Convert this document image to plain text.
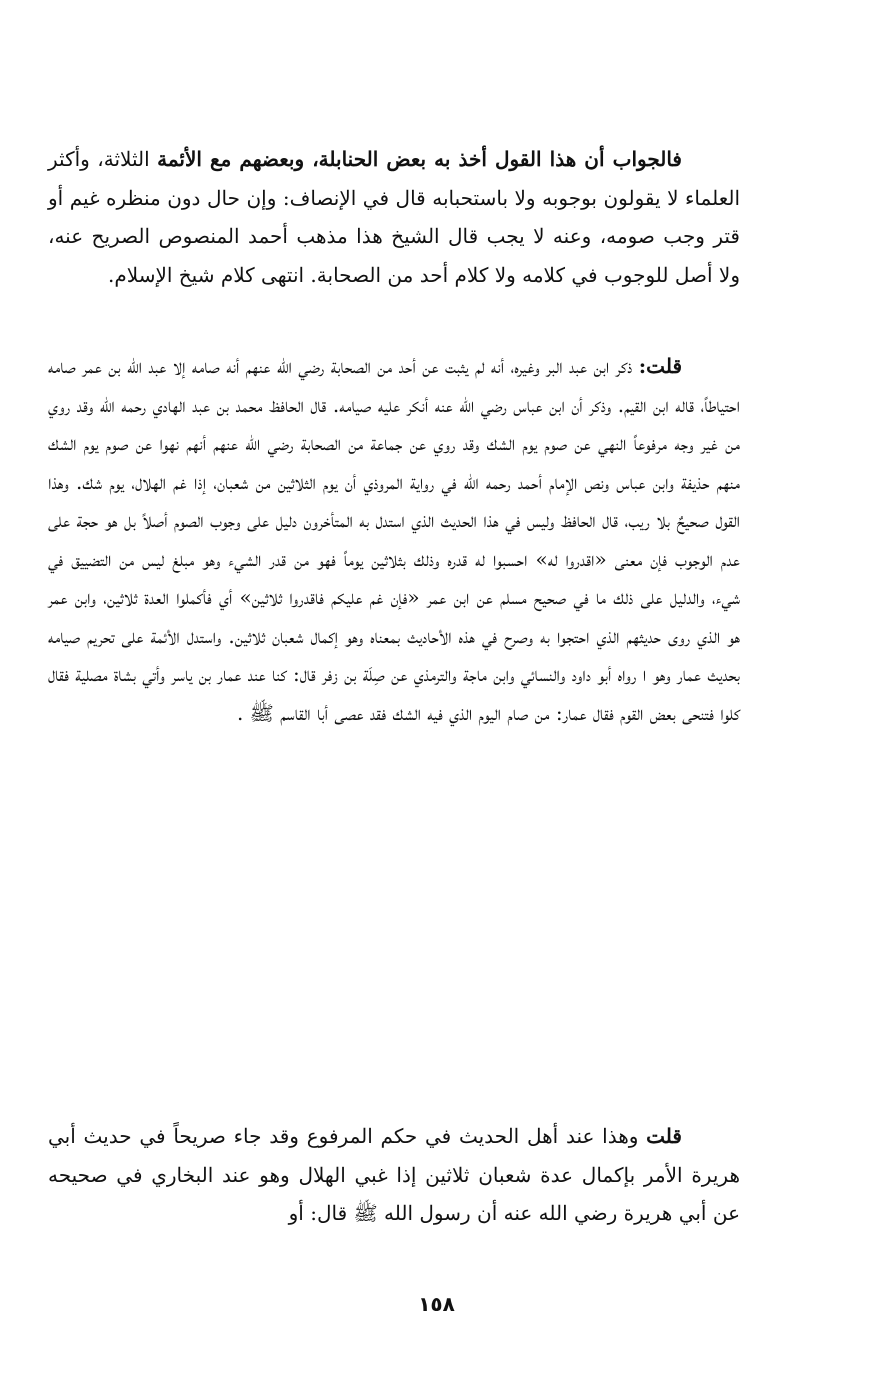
فالجواب أن هذا القول أخذ به بعض الحنابلة، وبعضهم مع الأئمة الثلاثة، وأكثر العلماء لا يقولون بوجوبه ولا باستحبابه قال في الإنصاف: وإن حال دون منظره غيم أو قتر وجب صومه، وعنه لا يجب قال الشيخ هذا مذهب أحمد المنصوص الصريح عنه، ولا أصل للوجوب في كلامه ولا كلام أحد من الصحابة. انتهى كلام شيخ الإسلام.

قلت: ذكر ابن عبد البر وغيره، أنه لم يثبت عن أحد من الصحابة رضي الله عنهم أنه صامه إلا عبد الله بن عمر صامه احتياطاً، قاله ابن القيم. وذكر أن ابن عباس رضي الله عنه أنكر عليه صيامه. قال الحافظ محمد بن عبد الهادي رحمه الله وقد روي من غير وجه مرفوعاً النهي عن صوم يوم الشك وقد روي عن جماعة من الصحابة رضي الله عنهم أنهم نهوا عن صوم يوم الشك منهم حذيفة وابن عباس ونص الإمام أحمد رحمه الله في رواية المروذي أن يوم الثلاثين من شعبان، إذا غم الهلال، يوم شك. وهذا القول صحيحٌ بلا ريب، قال الحافظ وليس في هذا الحديث الذي استدل به المتأخرون دليل على وجوب الصوم أصلاً بل هو حجة على عدم الوجوب فإن معنى «اقدروا له» احسبوا له قدره وذلك بثلاثين يوماً فهو من قدر الشيء وهو مبلغ ليس من التضييق في شيء، والدليل على ذلك ما في صحيح مسلم عن ابن عمر «فإن غم عليكم فاقدروا ثلاثين» أي فأكملوا العدة ثلاثين، وابن عمر هو الذي روى حديثهم الذي احتجوا به وصرح في هذه الأحاديث بمعناه وهو إكمال شعبان ثلاثين. واستدل الأئمة على تحريم صيامه بحديث عمار وهو ا رواه أبو داود والنسائي وابن ماجة والترمذي عن صِلَة بن زفر قال: كنا عند عمار بن ياسر وأتي بشاة مصلية فقال كلوا فتنحى بعض القوم فقال عمار: من صام اليوم الذي فيه الشك فقد عصى أبا القاسم ﷺ .

قلت وهذا عند أهل الحديث في حكم المرفوع وقد جاء صريحاً في حديث أبي هريرة الأمر بإكمال عدة شعبان ثلاثين إذا غبي الهلال وهو عند البخاري في صحيحه عن أبي هريرة رضي الله عنه أن رسول الله ﷺ قال: أو

١٥٨
